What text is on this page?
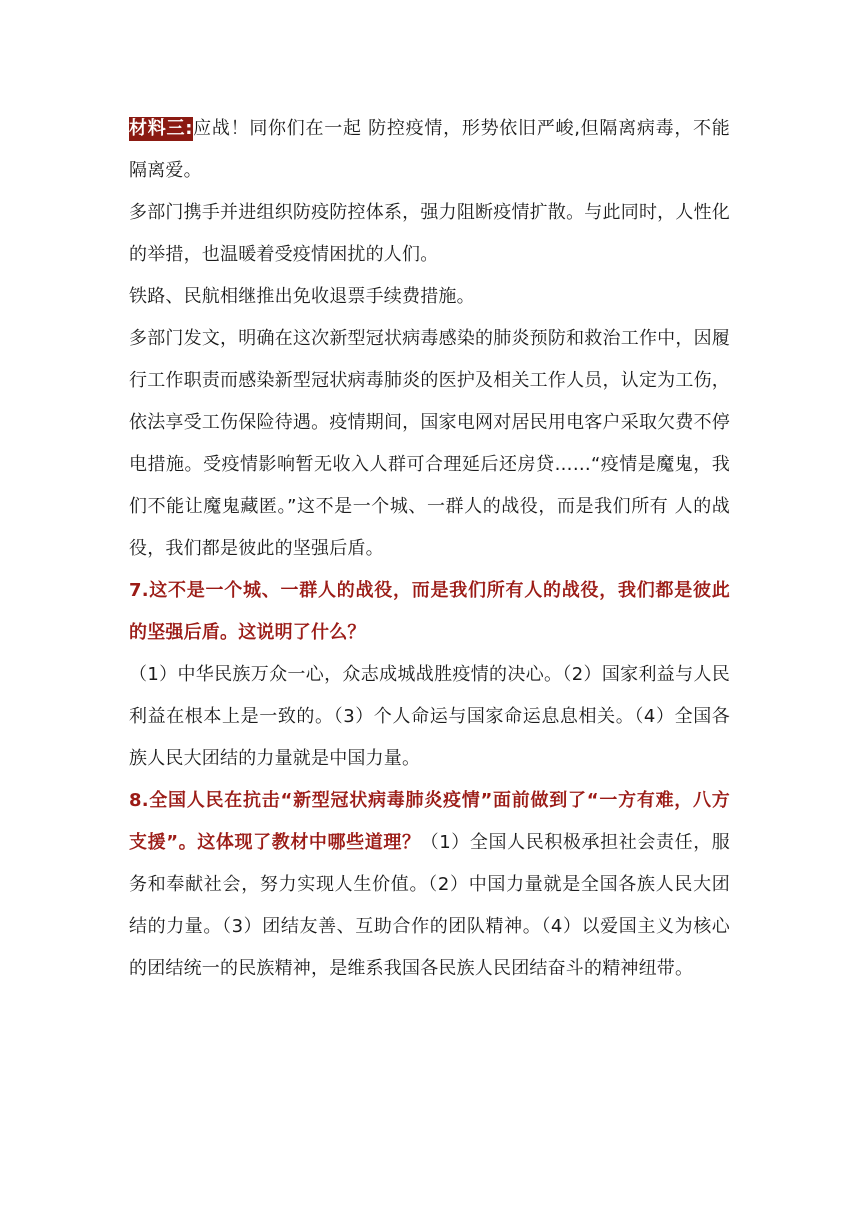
材料三:应战！同你们在一起 防控疫情，形势依旧严峻,但隔离病毒，不能隔离爱。

多部门携手并进组织防疫防控体系，强力阻断疫情扩散。与此同时，人性化的举措，也温暖着受疫情困扰的人们。

铁路、民航相继推出免收退票手续费措施。

多部门发文，明确在这次新型冠状病毒感染的肺炎预防和救治工作中，因履行工作职责而感染新型冠状病毒肺炎的医护及相关工作人员，认定为工伤，依法享受工伤保险待遇。疫情期间，国家电网对居民用电客户采取欠费不停电措施。受疫情影响暂无收入人群可合理延后还房贷……“疫情是魔鬼，我们不能让魔鬼藏匿。”这不是一个城、一群人的战役，而是我们所有 人的战役，我们都是彼此的坚强后盾。

7.这不是一个城、一群人的战役，而是我们所有人的战役，我们都是彼此的坚强后盾。这说明了什么？

（1）中华民族万众一心，众志成城战胜疫情的决心。（2）国家利益与人民利益在根本上是一致的。（3）个人命运与国家命运息息相关。（4）全国各族人民大团结的力量就是中国力量。

8.全国人民在抗击“新型冠状病毒肺炎疫情”面前做到了“一方有难，八方支援”。这体现了教材中哪些道理？（1）全国人民积极承担社会责任，服务和奉献社会，努力实现人生价值。（2）中国力量就是全国各族人民大团结的力量。（3）团结友善、互助合作的团队精神。（4）以爱国主义为核心的团结统一的民族精神，是维系我国各民族人民团结奋斗的精神纽带。
